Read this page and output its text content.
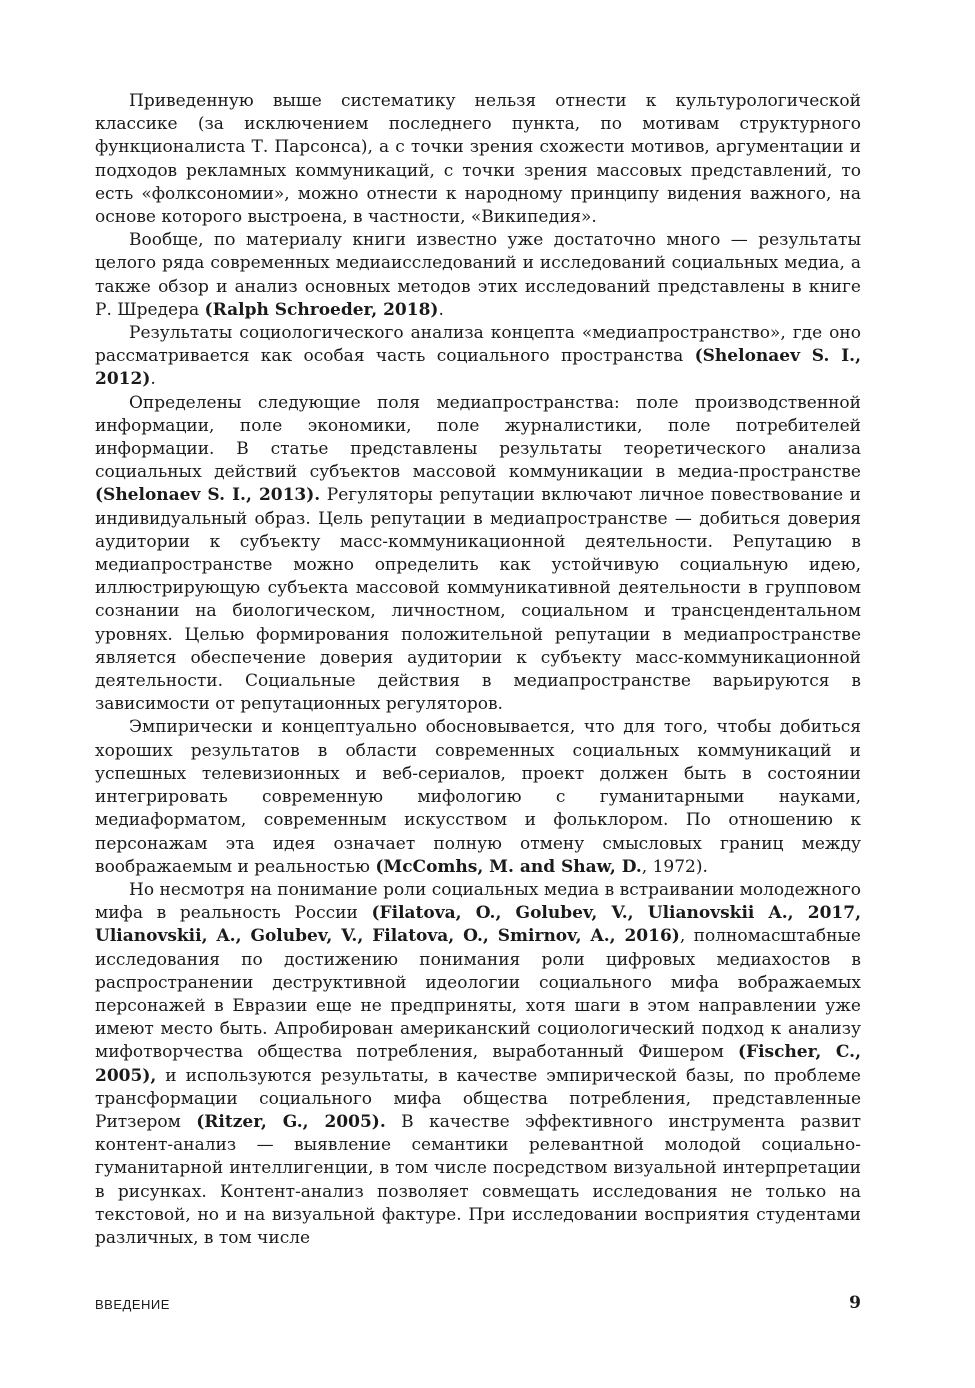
Приведенную выше систематику нельзя отнести к культурологической классике (за исключением последнего пункта, по мотивам структурного функционалиста Т. Парсонса), а с точки зрения схожести мотивов, аргументации и подходов рекламных коммуникаций, с точки зрения массовых представлений, то есть «фолксономии», можно отнести к народному принципу видения важного, на основе которого выстроена, в частности, «Википедия».

Вообще, по материалу книги известно уже достаточно много — результаты целого ряда современных медиаисследований и исследований социальных медиа, а также обзор и анализ основных методов этих исследований представлены в книге Р. Шредера (Ralph Schroeder, 2018).

Результаты социологического анализа концепта «медиапространство», где оно рассматривается как особая часть социального пространства (Shelonaev S. I., 2012).

Определены следующие поля медиапространства: поле производственной информации, поле экономики, поле журналистики, поле потребителей информации. В статье представлены результаты теоретического анализа социальных действий субъектов массовой коммуникации в медиа-пространстве (Shelonaev S. I., 2013). Регуляторы репутации включают личное повествование и индивидуальный образ. Цель репутации в медиапространстве — добиться доверия аудитории к субъекту масс-коммуникационной деятельности. Репутацию в медиапространстве можно определить как устойчивую социальную идею, иллюстрирующую субъекта массовой коммуникативной деятельности в групповом сознании на биологическом, личностном, социальном и трансцендентальном уровнях. Целью формирования положительной репутации в медиапространстве является обеспечение доверия аудитории к субъекту масс-коммуникационной деятельности. Социальные действия в медиапространстве варьируются в зависимости от репутационных регуляторов.

Эмпирически и концептуально обосновывается, что для того, чтобы добиться хороших результатов в области современных социальных коммуникаций и успешных телевизионных и веб-сериалов, проект должен быть в состоянии интегрировать современную мифологию с гуманитарными науками, медиаформатом, современным искусством и фольклором. По отношению к персонажам эта идея означает полную отмену смысловых границ между воображаемым и реальностью (McComhs, M. and Shaw, D., 1972).

Но несмотря на понимание роли социальных медиа в встраивании молодежного мифа в реальность России (Filatova, O., Golubev, V., Ulianovskii A., 2017, Ulianovskii, A., Golubev, V., Filatova, O., Smirnov, A., 2016), полномасштабные исследования по достижению понимания роли цифровых медиахостов в распространении деструктивной идеологии социального мифа вображаемых персонажей в Евразии еще не предприняты, хотя шаги в этом направлении уже имеют место быть. Апробирован американский социологический подход к анализу мифотворчества общества потребления, выработанный Фишером (Fischer, C., 2005), и используются результаты, в качестве эмпирической базы, по проблеме трансформации социального мифа общества потребления, представленные Ритзером (Ritzer, G., 2005). В качестве эффективного инструмента развит контент-анализ — выявление семантики релевантной молодой социально-гуманитарной интеллигенции, в том числе посредством визуальной интерпретации в рисунках. Контент-анализ позволяет совмещать исследования не только на текстовой, но и на визуальной фактуре. При исследовании восприятия студентами различных, в том числе

ВВЕДЕНИЕ	9
